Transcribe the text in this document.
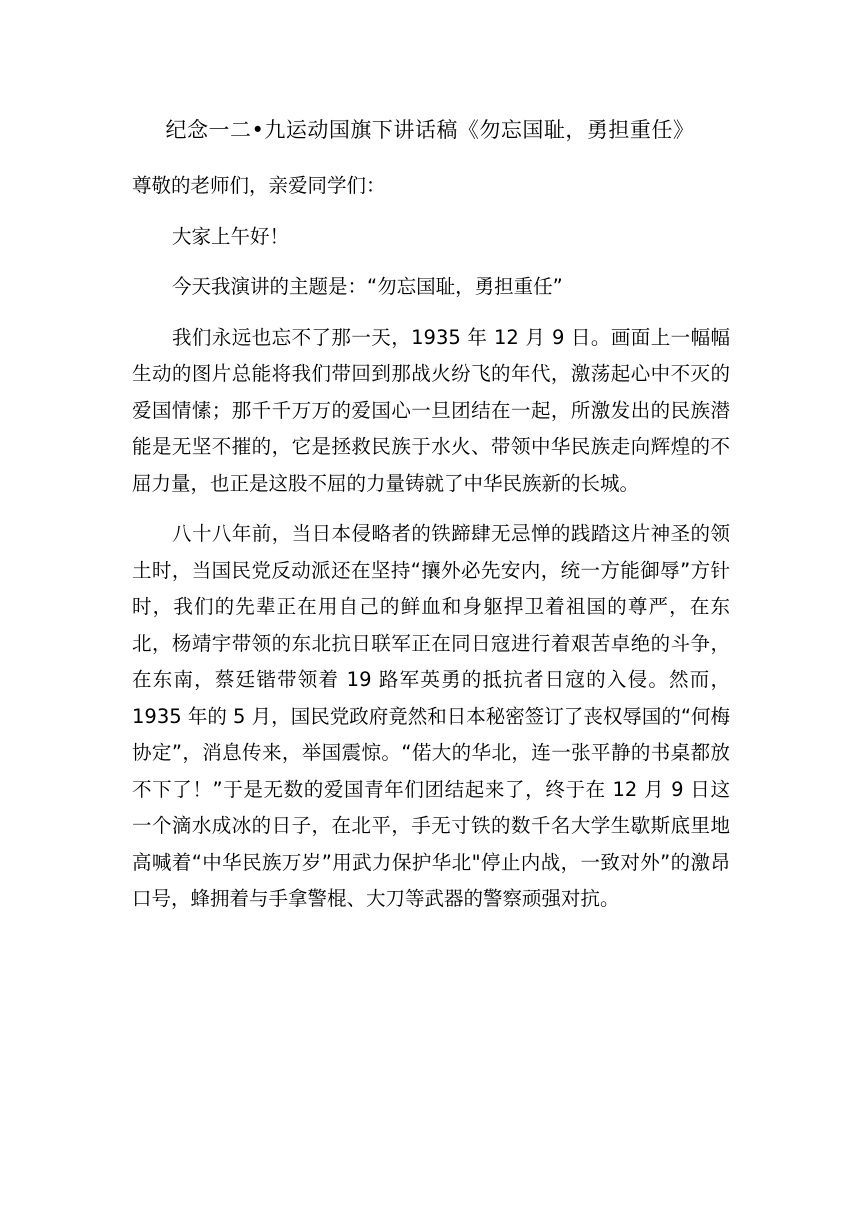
纪念一二•九运动国旗下讲话稿《勿忘国耻，勇担重任》

尊敬的老师们，亲爱同学们：

大家上午好！

今天我演讲的主题是：“勿忘国耻，勇担重任”

我们永远也忘不了那一天，1935 年 12 月 9 日。画面上一幅幅生动的图片总能将我们带回到那战火纷飞的年代，激荡起心中不灭的爱国情愫；那千千万万的爱国心一旦团结在一起，所激发出的民族潜能是无坚不摧的，它是拯救民族于水火、带领中华民族走向辉煌的不屈力量，也正是这股不屈的力量铸就了中华民族新的长城。

八十八年前，当日本侵略者的铁蹄肆无忌惮的践踏这片神圣的领土时，当国民党反动派还在坚持“攘外必先安内，统一方能御辱”方针时，我们的先辈正在用自己的鲜血和身躯捍卫着祖国的尊严，在东北，杨靖宇带领的东北抗日联军正在同日寇进行着艰苦卓绝的斗争，在东南，蔡廷锴带领着 19 路军英勇的抵抗者日寇的入侵。然而，1935 年的 5 月，国民党政府竟然和日本秘密签订了丧权辱国的“何梅协定”，消息传来，举国震惊。“偌大的华北，连一张平静的书桌都放不下了！”于是无数的爱国青年们团结起来了，终于在 12 月 9 日这一个滴水成冰的日子，在北平，手无寸铁的数千名大学生歇斯底里地高喊着“中华民族万岁”用武力保护华北"停止内战，一致对外”的激昂口号，蜂拥着与手拿警棍、大刀等武器的警察顽强对抗。
